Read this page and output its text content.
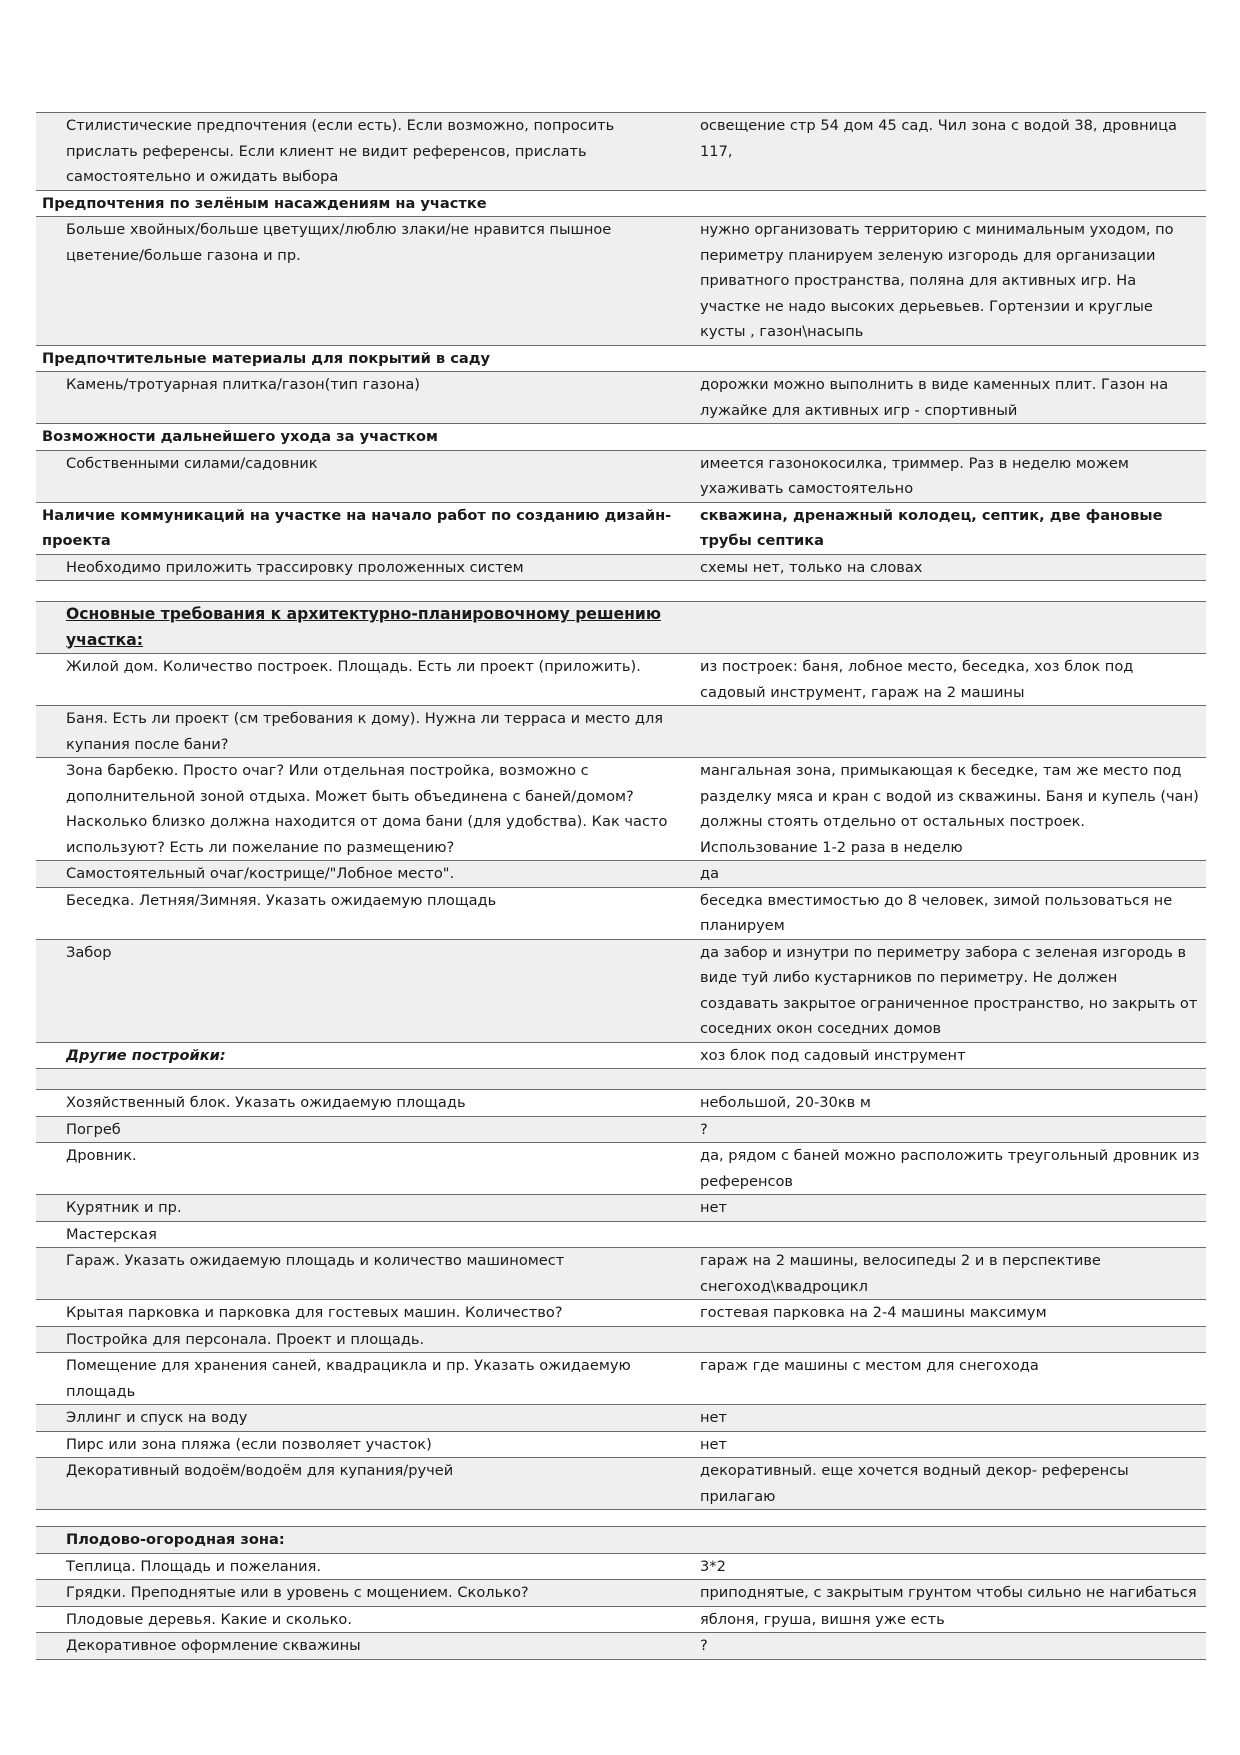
Стилистические предпочтения (если есть). Если возможно, попросить прислать референсы. Если клиент не видит референсов, прислать самостоятельно и ожидать выбора	освещение стр 54 дом 45 сад. Чил зона с водой 38, дровница 117,
Предпочтения по зелёным насаждениям на участке	
Больше хвойных/больше цветущих/люблю злаки/не нравится пышное цветение/больше газона и пр.	нужно организовать территорию с минимальным уходом, по периметру планируем зеленую изгородь для организации приватного пространства, поляна для активных игр. На участке не надо высоких дерьевьев. Гортензии и круглые кусты , газон\насыпь
Предпочтительные материалы для покрытий в саду	
Камень/тротуарная плитка/газон(тип газона)	дорожки можно выполнить в виде каменных плит. Газон на лужайке для активных игр - спортивный
Возможности дальнейшего ухода за участком	
Собственными силами/садовник	имеется газонокосилка, триммер. Раз в неделю можем ухаживать самостоятельно
Наличие коммуникаций на участке на начало работ по созданию дизайн-проекта	скважина, дренажный колодец, септик, две фановые трубы септика
Необходимо приложить трассировку проложенных систем	схемы нет, только на словах

Основные требования к архитектурно-планировочному решению участка:	
Жилой дом. Количество построек. Площадь. Есть ли проект (приложить).	из построек: баня, лобное место, беседка, хоз блок под садовый инструмент, гараж на 2 машины
Баня. Есть ли проект (см требования к дому). Нужна ли терраса и место для купания после бани?	
Зона барбекю. Просто очаг? Или отдельная постройка, возможно с дополнительной зоной отдыха. Может быть объединена с баней/домом? Насколько близко должна находится от дома бани (для удобства). Как часто используют? Есть ли пожелание по размещению?	мангальная зона, примыкающая к беседке, там же место под разделку мяса и кран с водой из скважины. Баня и купель (чан) должны стоять отдельно от остальных построек. Использование 1-2 раза в неделю
Самостоятельный очаг/кострище/"Лобное место".	да
Беседка. Летняя/Зимняя. Указать ожидаемую площадь	беседка вместимостью до 8 человек, зимой пользоваться не планируем
Забор	да забор и изнутри по периметру забора с зеленая изгородь в виде туй либо кустарников по периметру. Не должен создавать закрытое ограниченное пространство, но закрыть от соседних окон соседних домов
Другие постройки:	хоз блок под садовый инструмент

Хозяйственный блок. Указать ожидаемую площадь	небольшой, 20-30кв м
Погреб	?
Дровник.	да, рядом с баней можно расположить треугольный дровник из референсов
Курятник и пр.	нет
Мастерская	
Гараж. Указать ожидаемую площадь и количество машиномест	гараж на 2 машины, велосипеды 2 и в перспективе снегоход\квадроцикл
Крытая парковка и парковка для гостевых машин. Количество?	гостевая парковка на 2-4 машины максимум
Постройка для персонала. Проект и площадь.	
Помещение для хранения саней, квадрацикла и пр. Указать ожидаемую площадь	гараж где машины с местом для снегохода
Эллинг и спуск на воду	нет
Пирс или зона пляжа (если позволяет участок)	нет
Декоративный водоём/водоём для купания/ручей	декоративный. еще хочется водный декор- референсы прилагаю

Плодово-огородная зона:	
Теплица. Площадь и пожелания.	3*2
Грядки. Преподнятые или в уровень с мощением. Сколько?	приподнятые, с закрытым грунтом чтобы сильно не нагибаться
Плодовые деревья. Какие и сколько.	яблоня, груша, вишня уже есть
Декоративное оформление скважины	?
